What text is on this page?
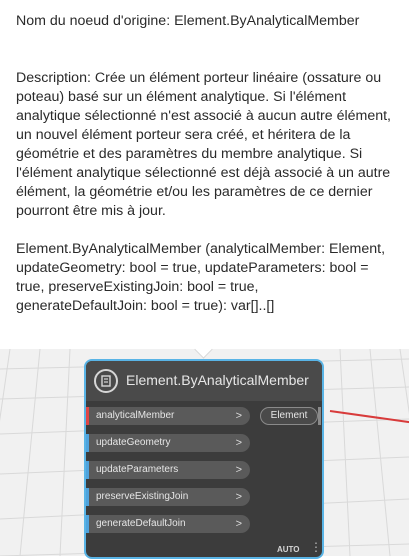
Nom du noeud d'origine: Element.ByAnalyticalMember

Description: Crée un élément porteur linéaire (ossature ou poteau) basé sur un élément analytique. Si l'élément analytique sélectionné n'est associé à aucun autre élément, un nouvel élément porteur sera créé, et héritera de la géométrie et des paramètres du membre analytique. Si l'élément analytique sélectionné est déjà associé à un autre élément, la géométrie et/ou les paramètres de ce dernier pourront être mis à jour.

Element.ByAnalyticalMember (analyticalMember: Element, updateGeometry: bool = true, updateParameters: bool = true, preserveExistingJoin: bool = true, generateDefaultJoin: bool = true): var[]..[]

Element.ByAnalyticalMember
analyticalMember	>
updateGeometry	>
updateParameters	>
preserveExistingJoin	>
generateDefaultJoin	>
Element
AUTO ⋮
